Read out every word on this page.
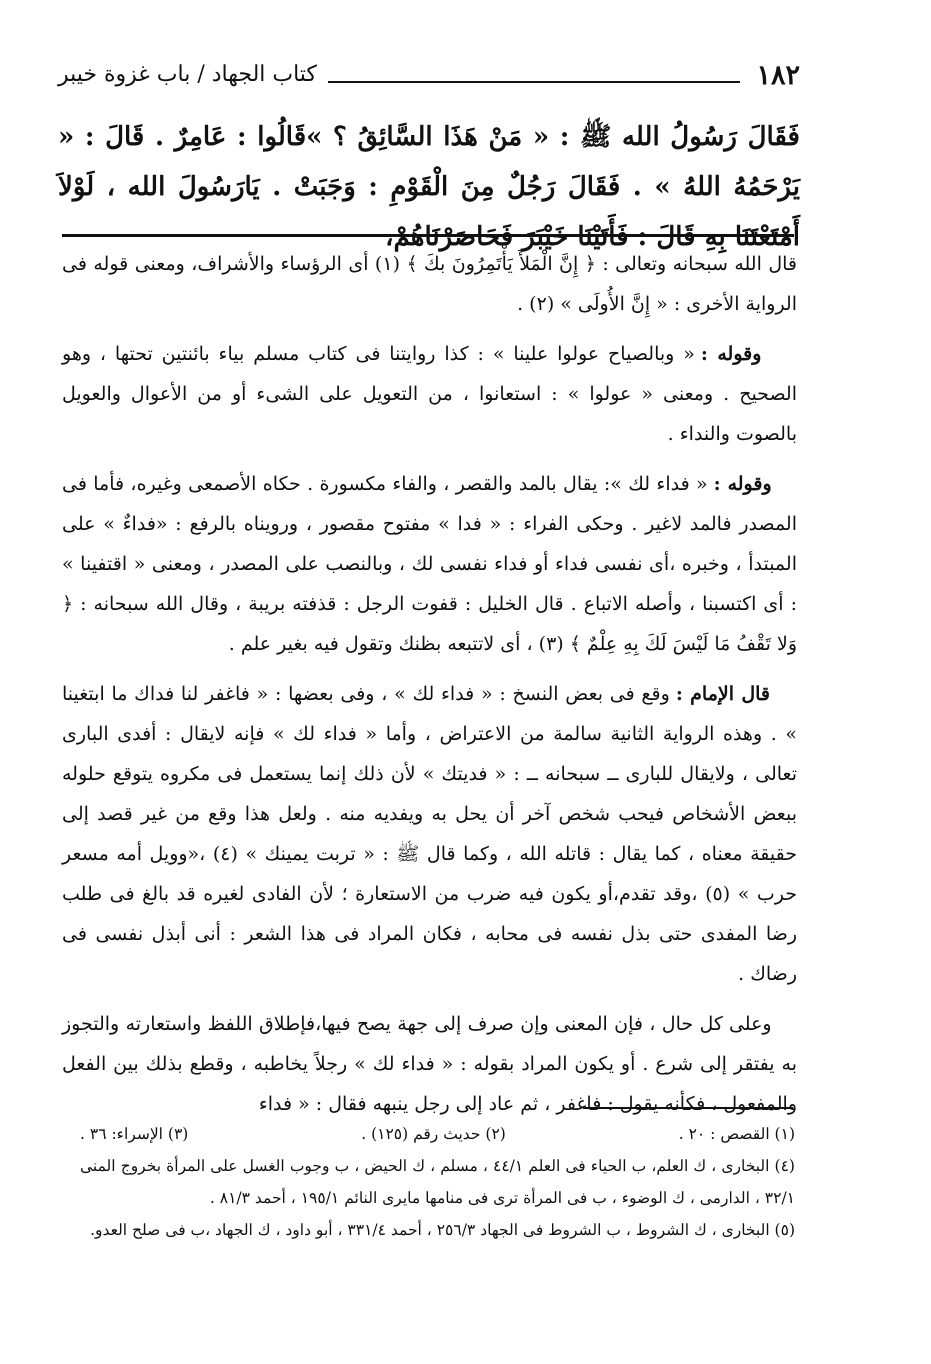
١٨٢
كتاب الجهاد / باب غزوة خيبر
فَقَالَ رَسُولُ الله ﷺ : « مَنْ هَذَا السَّائِقُ ؟ »قَالُوا : عَامِرٌ . قَالَ : « يَرْحَمُهُ اللهُ » . فَقَالَ رَجُلٌ مِنَ الْقَوْمِ : وَجَبَتْ . يَارَسُولَ الله ، لَوْلاَ أَمْتَعْتَنَا بِهِ قَالَ : فَأَتَيْنَا خَيْبَرَ فَحَاصَرْنَاهُمْ،

قال الله سبحانه وتعالى : ﴿ إِنَّ الْمَلأَ يَأْتَمِرُونَ بكَ ﴾ (١) أى الرؤساء والأشراف، ومعنى قوله فى الرواية الأخرى : « إِنَّ الأُولَى » (٢) .

وقوله : « وبالصياح عولوا علينا » : كذا روايتنا فى كتاب مسلم بياء بائنتين تحتها ، وهو الصحيح . ومعنى « عولوا » : استعانوا ، من التعويل على الشىء أو من الأعوال والعويل بالصوت والنداء .

وقوله : « فداء لك »: يقال بالمد والقصر ، والفاء مكسورة . حكاه الأصمعى وغيره، فأما فى المصدر فالمد لاغير . وحكى الفراء : « فدا » مفتوح مقصور ، ورويناه بالرفع : «فداءٌ » على المبتدأ ، وخبره ،أى نفسى فداء أو فداء نفسى لك ، وبالنصب على المصدر ، ومعنى « اقتفينا » : أى اكتسبنا ، وأصله الاتباع . قال الخليل : قفوت الرجل : قذفته بريبة ، وقال الله سبحانه : ﴿ وَلا تَقْفُ مَا لَيْسَ لَكَ بِهِ عِلْمٌ ﴾ (٣) ، أى لاتتبعه بظنك وتقول فيه بغير علم .

قال الإمام : وقع فى بعض النسخ : « فداء لك » ، وفى بعضها : « فاغفر لنا فداك ما ابتغينا » . وهذه الرواية الثانية سالمة من الاعتراض ، وأما « فداء لك » فإنه لايقال : أفدى البارى تعالى ، ولايقال للبارى ــ سبحانه ــ : « فديتك » لأن ذلك إنما يستعمل فى مكروه يتوقع حلوله ببعض الأشخاص فيحب شخص آخر أن يحل به ويفديه منه . ولعل هذا وقع من غير قصد إلى حقيقة معناه ، كما يقال : قاتله الله ، وكما قال ﷺ : « تربت يمينك » (٤) ،«وويل أمه مسعر حرب » (٥) ،وقد تقدم،أو يكون فيه ضرب من الاستعارة ؛ لأن الفادى لغيره قد بالغ فى طلب رضا المفدى حتى بذل نفسه فى محابه ، فكان المراد فى هذا الشعر : أنى أبذل نفسى فى رضاك .

وعلى كل حال ، فإن المعنى وإن صرف إلى جهة يصح فيها،فإطلاق اللفظ واستعارته والتجوز به يفتقر إلى شرع . أو يكون المراد بقوله : « فداء لك » رجلاً يخاطبه ، وقطع بذلك بين الفعل والمفعول ، فكأنه يقول : فاغفر ، ثم عاد إلى رجل ينبهه فقال : « فداء

(١) القصص : ٢٠ .
(٢) حديث رقم (١٢٥) .
(٣) الإسراء: ٣٦ .

(٤) البخارى ، ك العلم، ب الحياء فى العلم ٤٤/١ ، مسلم ، ك الحيض ، ب وجوب الغسل على المرأة بخروج المنى ٣٢/١ ، الدارمى ، ك الوضوء ، ب فى المرأة ترى فى منامها مايرى النائم ١٩٥/١ ، أحمد ٨١/٣ .

(٥) البخارى ، ك الشروط ، ب الشروط فى الجهاد ٢٥٦/٣ ، أحمد ٣٣١/٤ ، أبو داود ، ك الجهاد ،ب فى صلح العدو.
